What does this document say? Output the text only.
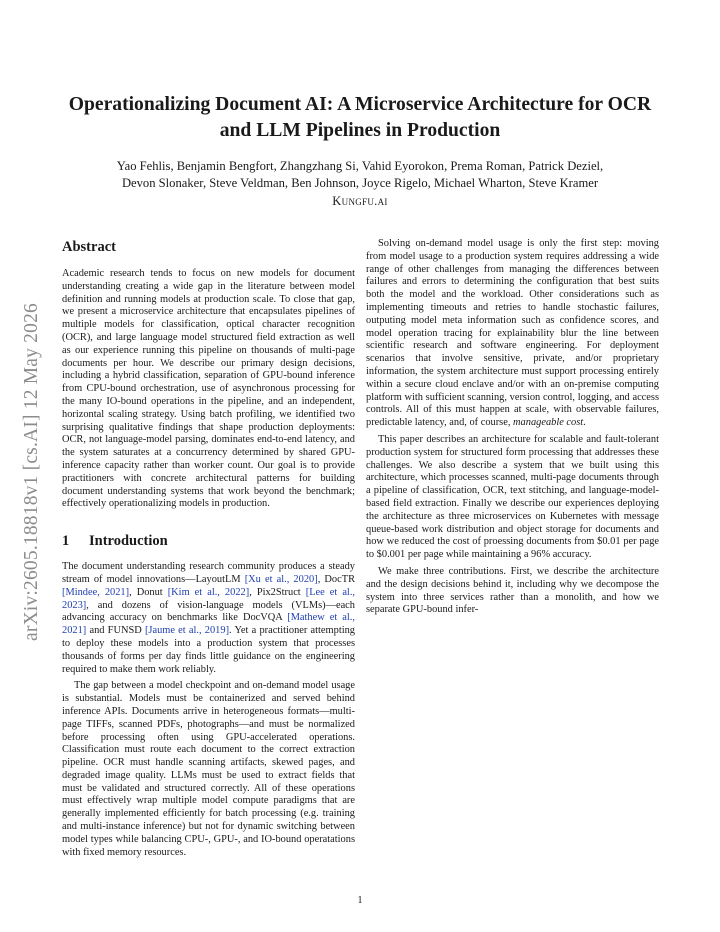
arXiv:2605.18818v1 [cs.AI] 12 May 2026
Operationalizing Document AI: A Microservice Architecture for OCR and LLM Pipelines in Production
Yao Fehlis, Benjamin Bengfort, Zhangzhang Si, Vahid Eyorokon, Prema Roman, Patrick Deziel,
Devon Slonaker, Steve Veldman, Ben Johnson, Joyce Rigelo, Michael Wharton, Steve Kramer
Kungfu.ai
Abstract

Academic research tends to focus on new models for document understanding creating a wide gap in the literature between model definition and running models at production scale. To close that gap, we present a microservice architecture that encapsulates pipelines of multiple models for classification, optical character recognition (OCR), and large language model structured field extraction as well as our experience running this pipeline on thousands of multi-page documents per hour. We describe our primary design decisions, including a hybrid classification, separation of GPU-bound inference from CPU-bound orchestration, use of asynchronous processing for the many IO-bound operations in the pipeline, and an independent, horizontal scaling strategy. Using batch profiling, we identified two surprising qualitative findings that shape production deployments: OCR, not language-model parsing, dominates end-to-end latency, and the system saturates at a concurrency determined by shared GPU-inference capacity rather than worker count. Our goal is to provide practitioners with concrete architectural patterns for building document understanding systems that work beyond the benchmark; effectively operationalizing models in production.

1 Introduction

The document understanding research community produces a steady stream of model innovations—LayoutLM [Xu et al., 2020], DocTR [Mindee, 2021], Donut [Kim et al., 2022], Pix2Struct [Lee et al., 2023], and dozens of vision-language models (VLMs)—each advancing accuracy on benchmarks like DocVQA [Mathew et al., 2021] and FUNSD [Jaume et al., 2019]. Yet a practitioner attempting to deploy these models into a production system that processes thousands of forms per day finds little guidance on the engineering required to make them work reliably.

The gap between a model checkpoint and on-demand model usage is substantial. Models must be containerized and served behind inference APIs. Documents arrive in heterogeneous formats—multi-page TIFFs, scanned PDFs, photographs—and must be normalized before processing often using GPU-accelerated operations. Classification must route each document to the correct extraction pipeline. OCR must handle scanning artifacts, skewed pages, and degraded image quality. LLMs must be used to extract fields that must be validated and structured correctly. All of these operations must effectively wrap multiple model compute paradigms that are generally implemented efficiently for batch processing (e.g. training and multi-instance inference) but not for dynamic switching between model types while balancing CPU-, GPU-, and IO-bound operatations with fixed memory resources.

Solving on-demand model usage is only the first step: moving from model usage to a production system requires addressing a wide range of other challenges from managing the differences between failures and errors to determining the configuration that best suits both the model and the workload. Other considerations such as implementing timeouts and retries to handle stochastic failures, outputing model meta information such as confidence scores, and model operation tracing for explainability blur the line between scientific research and software engineering. For deployment scenarios that involve sensitive, private, and/or proprietary information, the system architecture must support processing entirely within a secure cloud enclave and/or with an on-premise computing platform with sufficient scanning, version control, logging, and access controls. All of this must happen at scale, with observable failures, predictable latency, and, of course, manageable cost.

This paper describes an architecture for scalable and fault-tolerant production system for structured form processing that addresses these challenges. We also describe a system that we built using this architecture, which processes scanned, multi-page documents through a pipeline of classification, OCR, text stitching, and language-model-based field extraction. Finally we describe our experiences deploying the architecture as three microservices on Kubernetes with message queue-based work distribution and object storage for documents and how we reduced the cost of proessing documents from $0.01 per page to $0.001 per page while maintaining a 96% accuracy.

We make three contributions. First, we describe the architecture and the design decisions behind it, including why we decompose the system into three services rather than a monolith, and how we separate GPU-bound infer-

1
